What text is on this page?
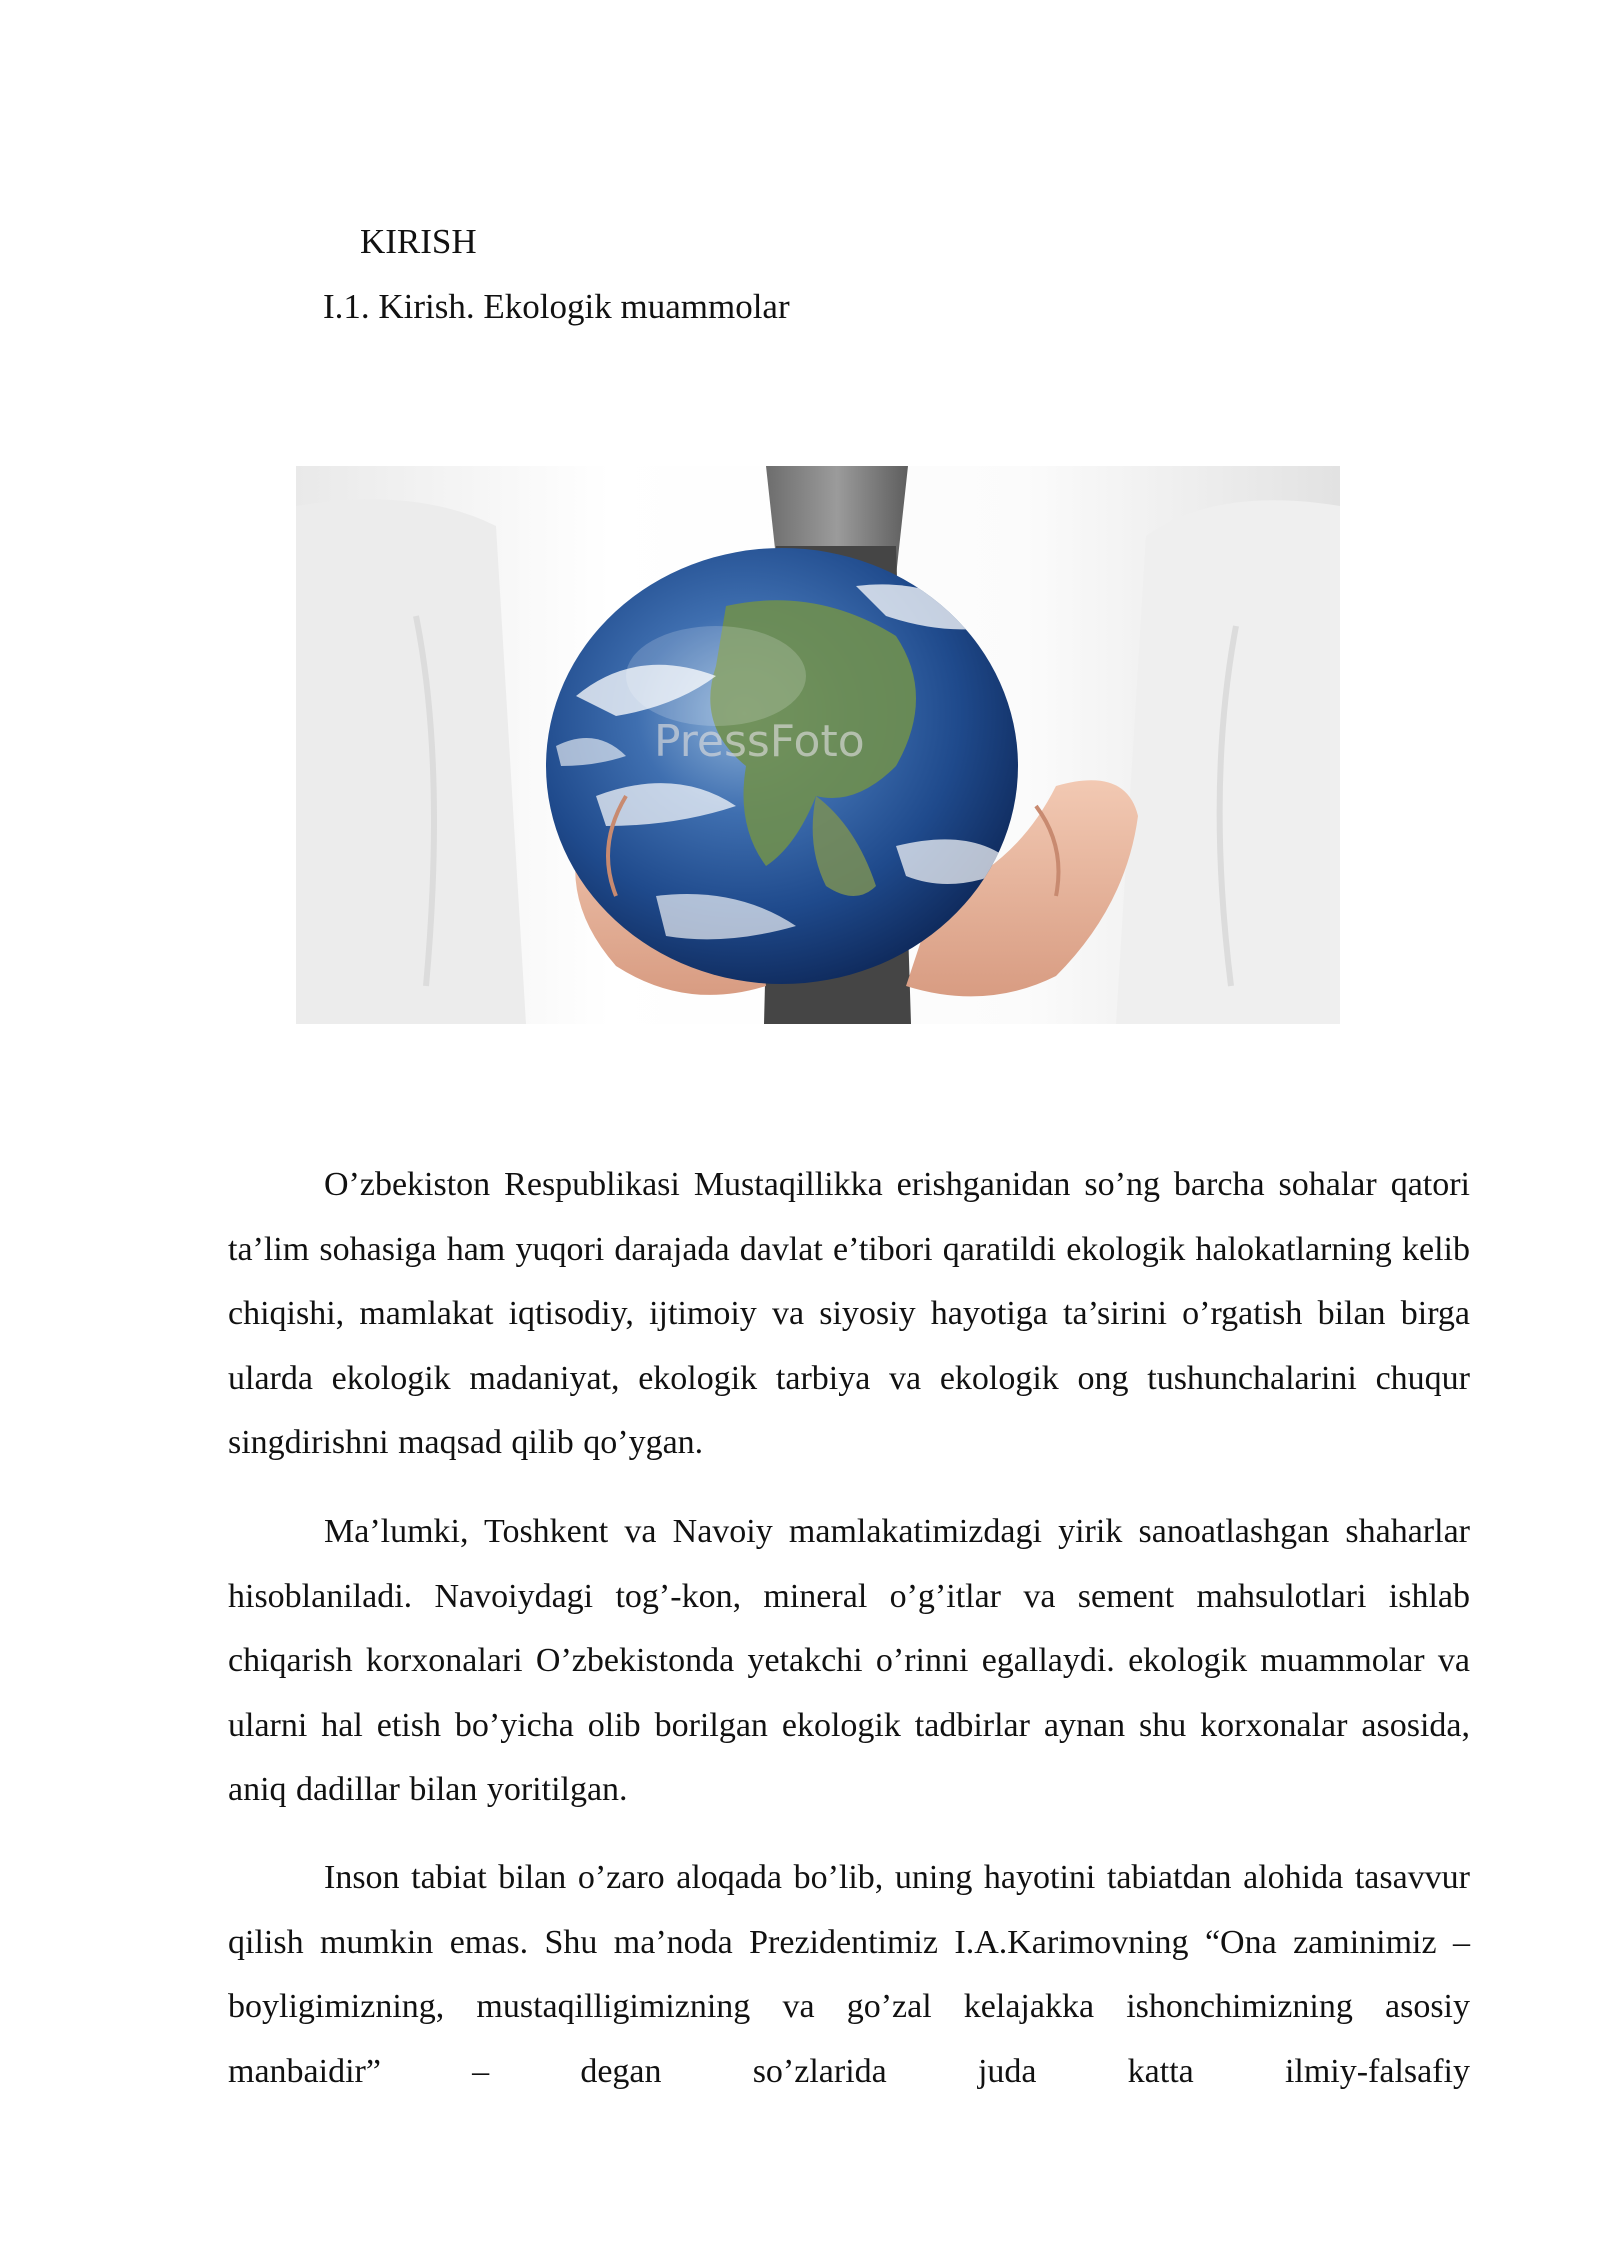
KIRISH
I.1. Kirish. Ekologik muammolar
PressFoto

O’zbekiston Respublikasi Mustaqillikka erishganidan so’ng barcha sohalar qatori ta’lim sohasiga ham yuqori darajada davlat e’tibori qaratildi ekologik halokatlarning kelib chiqishi, mamlakat iqtisodiy, ijtimoiy va siyosiy hayotiga ta’sirini o’rgatish bilan birga ularda ekologik madaniyat, ekologik tarbiya va ekologik ong tushunchalarini chuqur singdirishni maqsad qilib qo’ygan.

Ma’lumki, Toshkent va Navoiy mamlakatimizdagi yirik sanoatlashgan shaharlar hisoblaniladi. Navoiydagi tog’-kon, mineral o’g’itlar va sement mahsulotlari ishlab chiqarish korxonalari O’zbekistonda yetakchi o’rinni egallaydi. ekologik muammolar va ularni hal etish bo’yicha olib borilgan ekologik tadbirlar aynan shu korxonalar asosida, aniq dadillar bilan yoritilgan.

Inson tabiat bilan o’zaro aloqada bo’lib, uning hayotini tabiatdan alohida tasavvur qilish mumkin emas. Shu ma’noda Prezidentimiz I.A.Karimovning “Ona zaminimiz – boyligimizning, mustaqilligimizning va go’zal kelajakka ishonchimizning asosiy manbaidir” – degan so’zlarida juda katta ilmiy-falsafiy
